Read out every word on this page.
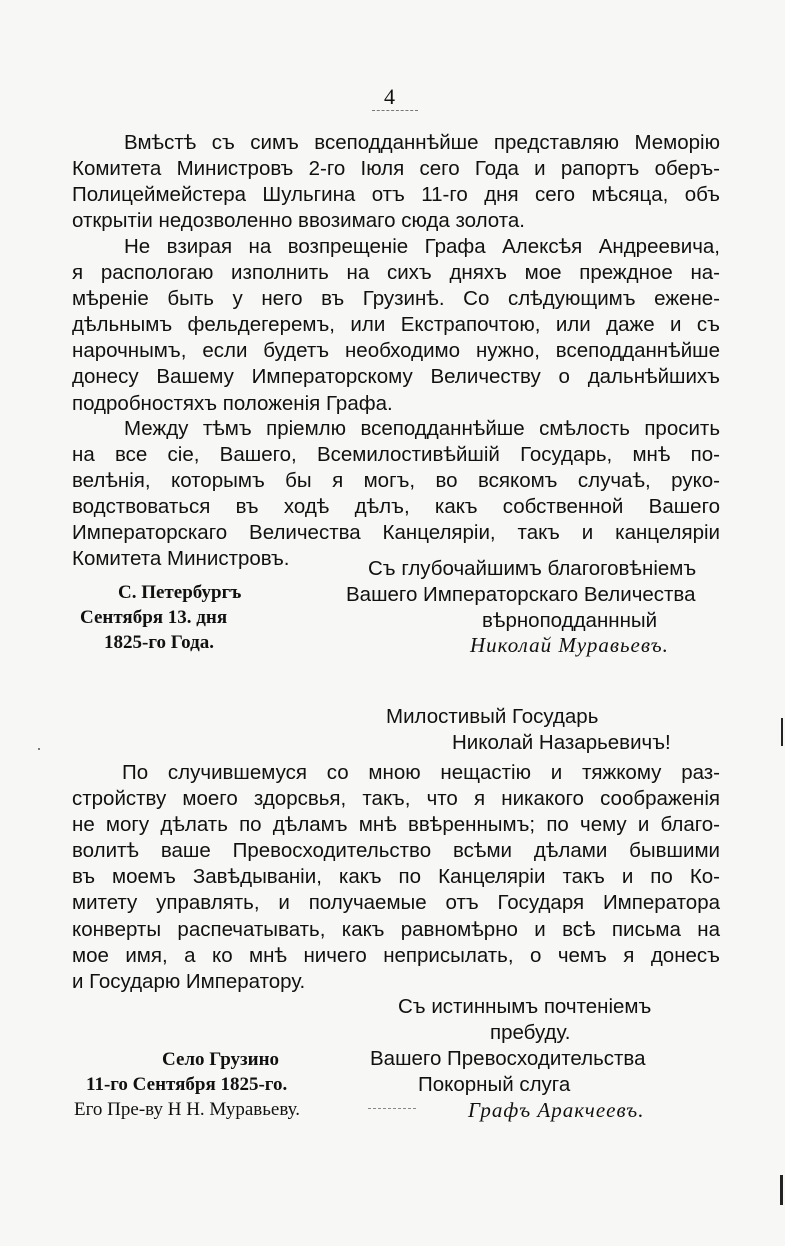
4
Вмѣстѣ съ симъ всеподданнѣйше представляю Меморію
Комитета Министровъ 2-го Іюля сего Года и рапортъ оберъ-
Полицеймейстера Шульгина отъ 11-го дня сего мѣсяца, объ
открытіи недозволенно ввозимаго сюда золота.
Не взирая на возпрещеніе Графа Алексѣя Андреевича,
я распологаю изполнить на сихъ дняхъ мое преждное на-
мѣреніе быть у него въ Грузинѣ. Со слѣдующимъ еженe-
дѣльнымъ фельдегеремъ, или Екстрапочтою, или даже и съ
нарочнымъ, если будетъ необходимо нужно, всеподданнѣйше
донесу Вашему Императорскому Величеству о дальнѣйшихъ
подробностяхъ положенія Графа.
Между тѣмъ пріемлю всеподданнѣйше смѣлость просить
на все сіе, Вашего, Всемилостивѣйшій Государь, мнѣ по-
велѣнія, которымъ бы я могъ, во всякомъ случаѣ, руко-
водствоваться въ ходѣ дѣлъ, какъ собственной Вашего
Императорскаго Величества Канцеляріи, такъ и канцеляріи
Комитета Министровъ.	Съ глубочайшимъ благоговѣніемъ
Вашего Императорскаго Величества
вѣрноподданнный
Николай Муравьевъ.
С. Петербургъ
Сентября 13. дня
1825-го Года.
Милостивый Государь
Николай Назарьевичъ!
По случившемуся со мною нещастію и тяжкому раз-
стройству моего здорсвья, такъ, что я никакого соображенія
не могу дѣлать по дѣламъ мнѣ ввѣреннымъ; по чему и благо-
волитѣ ваше Превосходительство всѣми дѣлами бывшими
въ моемъ Завѣдываніи, какъ по Канцеляріи такъ и по Ко-
митету управлять, и получаемые отъ Государя Императора
конверты распечатывать, какъ равномѣрно и всѣ письма на
мое имя, а ко мнѣ ничего неприсылать, о чемъ я донесъ
и Государю Императору.
Съ истиннымъ почтеніемъ
пребуду.
Вашего Превосходительства
Покорный слуга
Графъ Аракчеевъ.
Село Грузино
11-го Сентября 1825-го.
Его Пре-ву Н Н. Муравьеву.
